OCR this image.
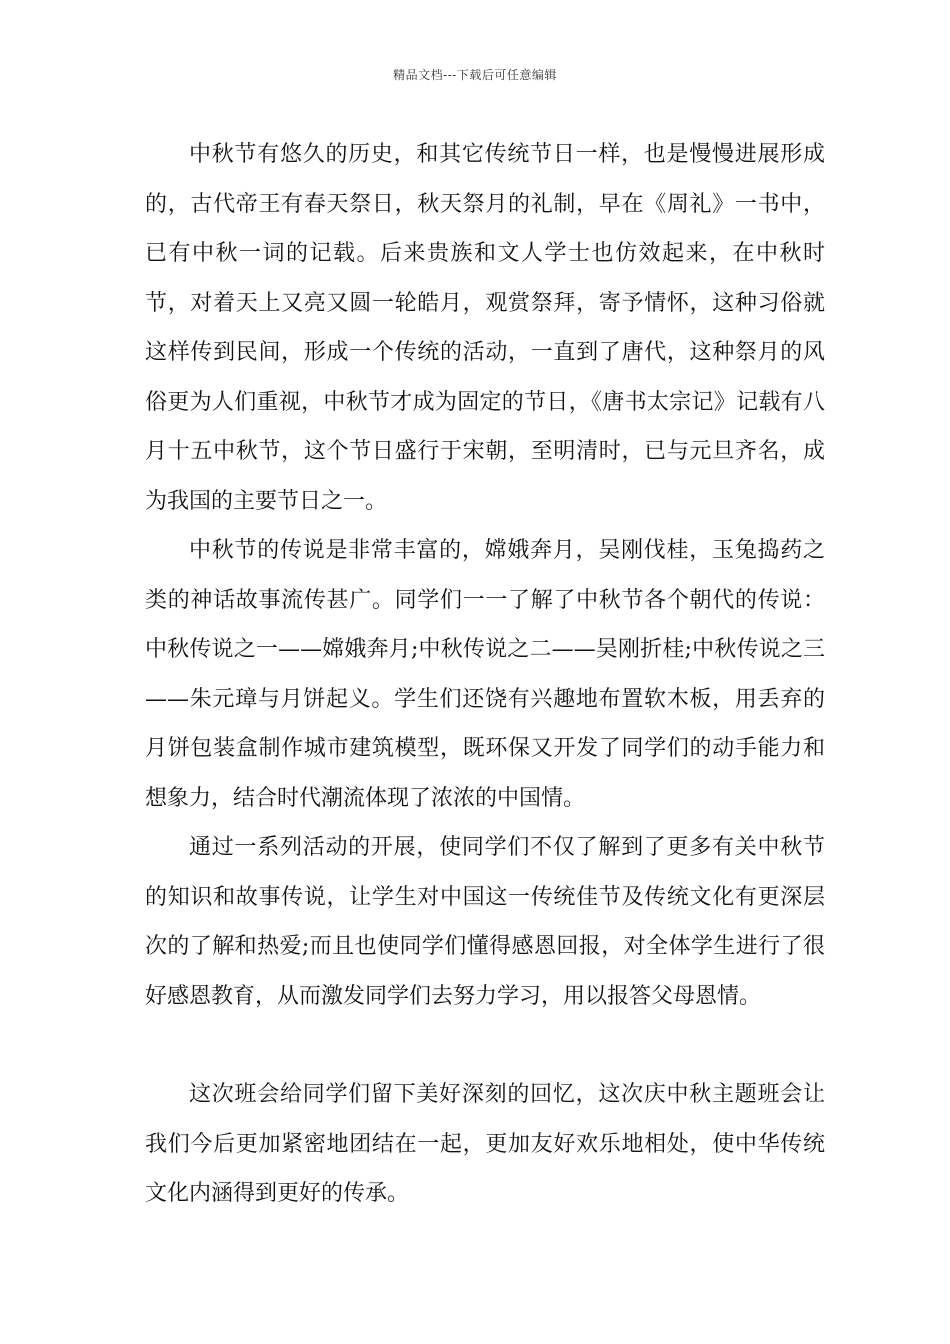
精品文档---下载后可任意编辑

中秋节有悠久的历史，和其它传统节日一样，也是慢慢进展形成的，古代帝王有春天祭日，秋天祭月的礼制，早在《周礼》一书中，已有中秋一词的记载。后来贵族和文人学士也仿效起来，在中秋时节，对着天上又亮又圆一轮皓月，观赏祭拜，寄予情怀，这种习俗就这样传到民间，形成一个传统的活动，一直到了唐代，这种祭月的风俗更为人们重视，中秋节才成为固定的节日，《唐书太宗记》记载有八月十五中秋节，这个节日盛行于宋朝，至明清时，已与元旦齐名，成为我国的主要节日之一。

中秋节的传说是非常丰富的，嫦娥奔月，吴刚伐桂，玉兔捣药之类的神话故事流传甚广。同学们一一了解了中秋节各个朝代的传说：中秋传说之一——嫦娥奔月;中秋传说之二——吴刚折桂;中秋传说之三——朱元璋与月饼起义。学生们还饶有兴趣地布置软木板，用丢弃的月饼包装盒制作城市建筑模型，既环保又开发了同学们的动手能力和想象力，结合时代潮流体现了浓浓的中国情。

通过一系列活动的开展，使同学们不仅了解到了更多有关中秋节的知识和故事传说，让学生对中国这一传统佳节及传统文化有更深层次的了解和热爱;而且也使同学们懂得感恩回报，对全体学生进行了很好感恩教育，从而激发同学们去努力学习，用以报答父母恩情。

这次班会给同学们留下美好深刻的回忆，这次庆中秋主题班会让我们今后更加紧密地团结在一起，更加友好欢乐地相处，使中华传统文化内涵得到更好的传承。
